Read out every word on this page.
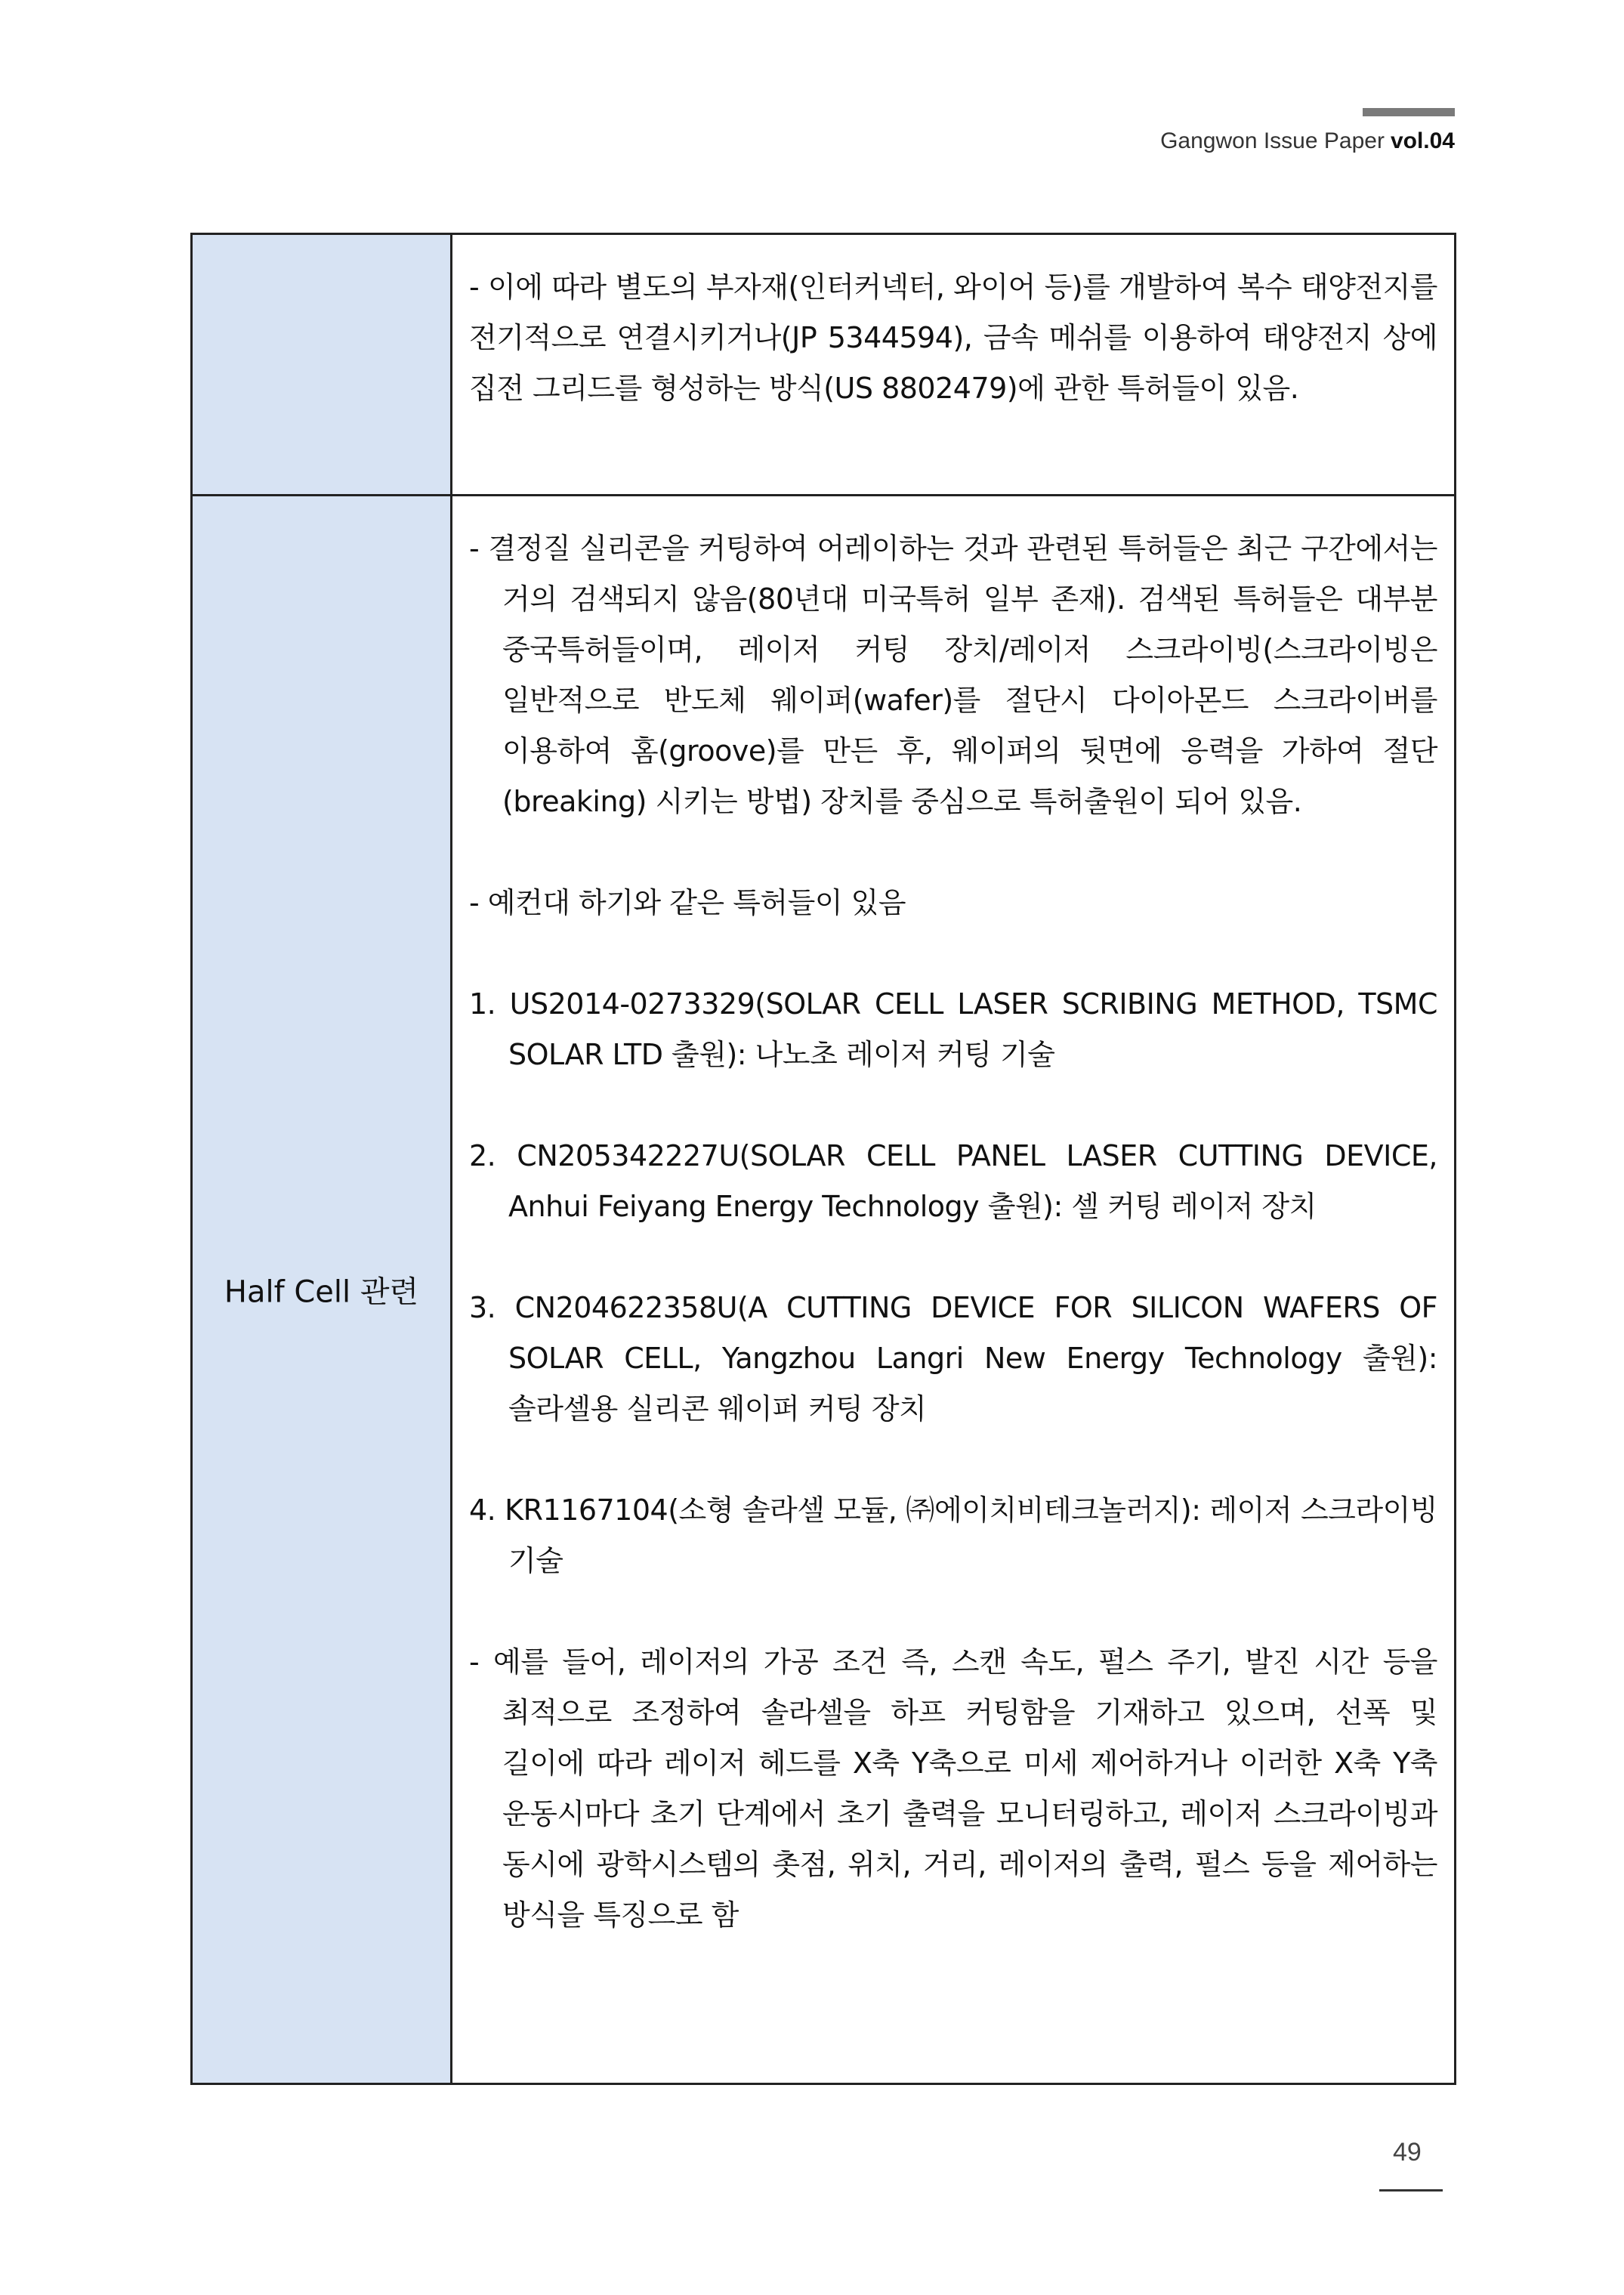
Gangwon Issue Paper vol.04
- 이에 따라 별도의 부자재(인터커넥터, 와이어 등)를 개발하여 복수 태양전지를 전기적으로 연결시키거나(JP 5344594), 금속 메쉬를 이용하여 태양전지 상에 집전 그리드를 형성하는 방식(US 8802479)에 관한 특허들이 있음.
Half Cell 관련
- 결정질 실리콘을 커팅하여 어레이하는 것과 관련된 특허들은 최근 구간에서는 거의 검색되지 않음(80년대 미국특허 일부 존재). 검색된 특허들은 대부분 중국특허들이며, 레이저 커팅 장치/레이저 스크라이빙(스크라이빙은 일반적으로 반도체 웨이퍼(wafer)를 절단시 다이아몬드 스크라이버를 이용하여 홈(groove)를 만든 후, 웨이퍼의 뒷면에 응력을 가하여 절단(breaking) 시키는 방법) 장치를 중심으로 특허출원이 되어 있음.
- 예컨대 하기와 같은 특허들이 있음
1. US2014-0273329(SOLAR CELL LASER SCRIBING METHOD, TSMC SOLAR LTD 출원): 나노초 레이저 커팅 기술
2. CN205342227U(SOLAR CELL PANEL LASER CUTTING DEVICE, Anhui Feiyang Energy Technology 출원): 셀 커팅 레이저 장치
3. CN204622358U(A CUTTING DEVICE FOR SILICON WAFERS OF SOLAR CELL, Yangzhou Langri New Energy Technology 출원): 솔라셀용 실리콘 웨이퍼 커팅 장치
4. KR1167104(소형 솔라셀 모듈, ㈜에이치비테크놀러지): 레이저 스크라이빙 기술
- 예를 들어, 레이저의 가공 조건 즉, 스캔 속도, 펄스 주기, 발진 시간 등을 최적으로 조정하여 솔라셀을 하프 커팅함을 기재하고 있으며, 선폭 및 길이에 따라 레이저 헤드를 X축 Y축으로 미세 제어하거나 이러한 X축 Y축 운동시마다 초기 단계에서 초기 출력을 모니터링하고, 레이저 스크라이빙과 동시에 광학시스템의 촛점, 위치, 거리, 레이저의 출력, 펄스 등을 제어하는 방식을 특징으로 함
49
